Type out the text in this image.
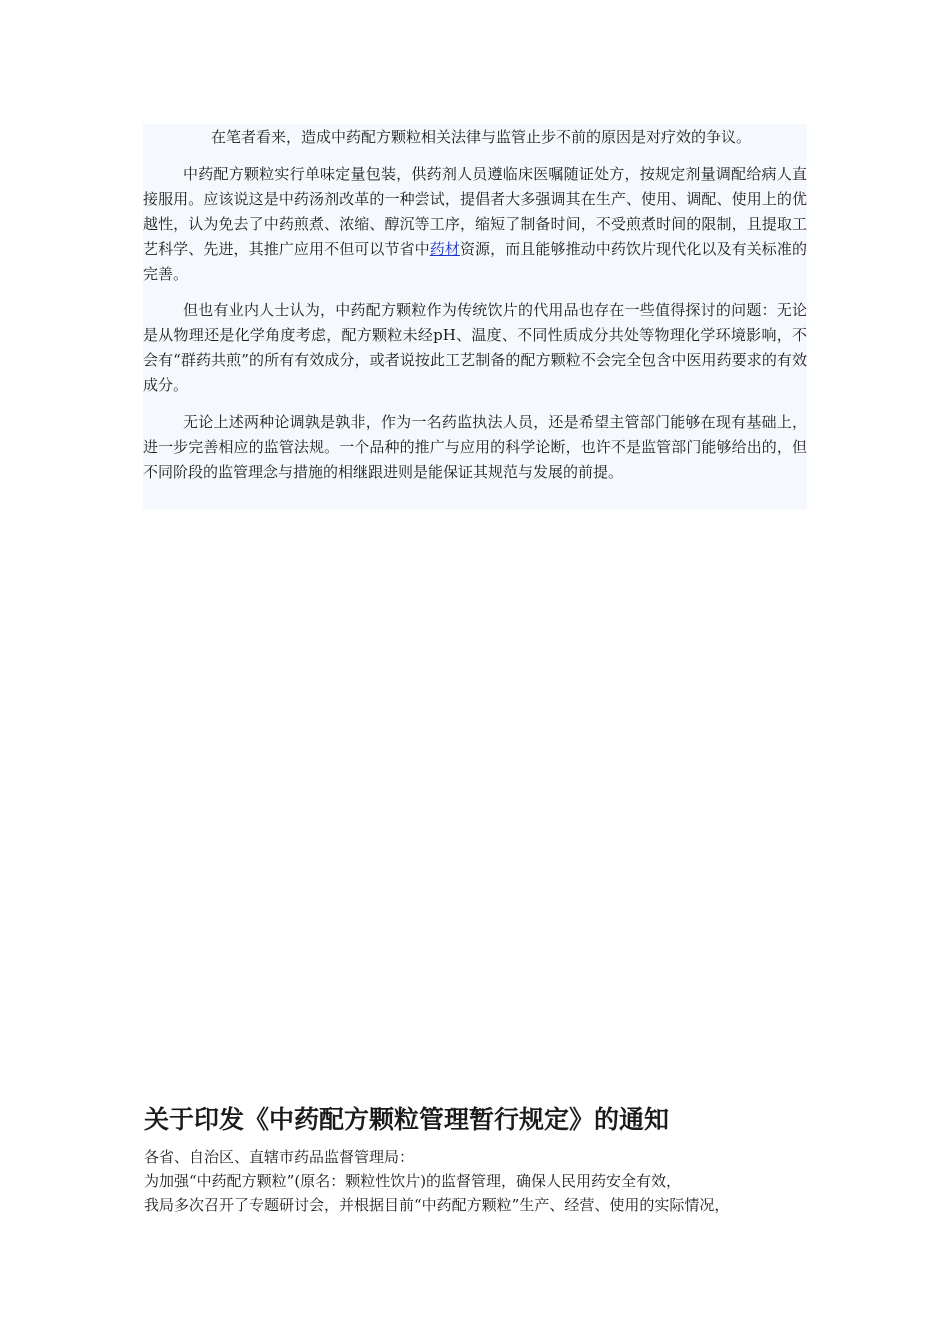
在笔者看来，造成中药配方颗粒相关法律与监管止步不前的原因是对疗效的争议。

中药配方颗粒实行单味定量包装，供药剂人员遵临床医嘱随证处方，按规定剂量调配给病人直接服用。应该说这是中药汤剂改革的一种尝试，提倡者大多强调其在生产、使用、调配、使用上的优越性，认为免去了中药煎煮、浓缩、醇沉等工序，缩短了制备时间，不受煎煮时间的限制，且提取工艺科学、先进，其推广应用不但可以节省中药材资源，而且能够推动中药饮片现代化以及有关标准的完善。

但也有业内人士认为，中药配方颗粒作为传统饮片的代用品也存在一些值得探讨的问题：无论是从物理还是化学角度考虑，配方颗粒未经pH、温度、不同性质成分共处等物理化学环境影响，不会有“群药共煎”的所有有效成分，或者说按此工艺制备的配方颗粒不会完全包含中医用药要求的有效成分。

无论上述两种论调孰是孰非，作为一名药监执法人员，还是希望主管部门能够在现有基础上，进一步完善相应的监管法规。一个品种的推广与应用的科学论断，也许不是监管部门能够给出的，但不同阶段的监管理念与措施的相继跟进则是能保证其规范与发展的前提。

关于印发《中药配方颗粒管理暂行规定》的通知

各省、自治区、直辖市药品监督管理局：

为加强“中药配方颗粒”(原名：颗粒性饮片)的监督管理，确保人民用药安全有效，

我局多次召开了专题研讨会，并根据目前“中药配方颗粒”生产、经营、使用的实际情况，
